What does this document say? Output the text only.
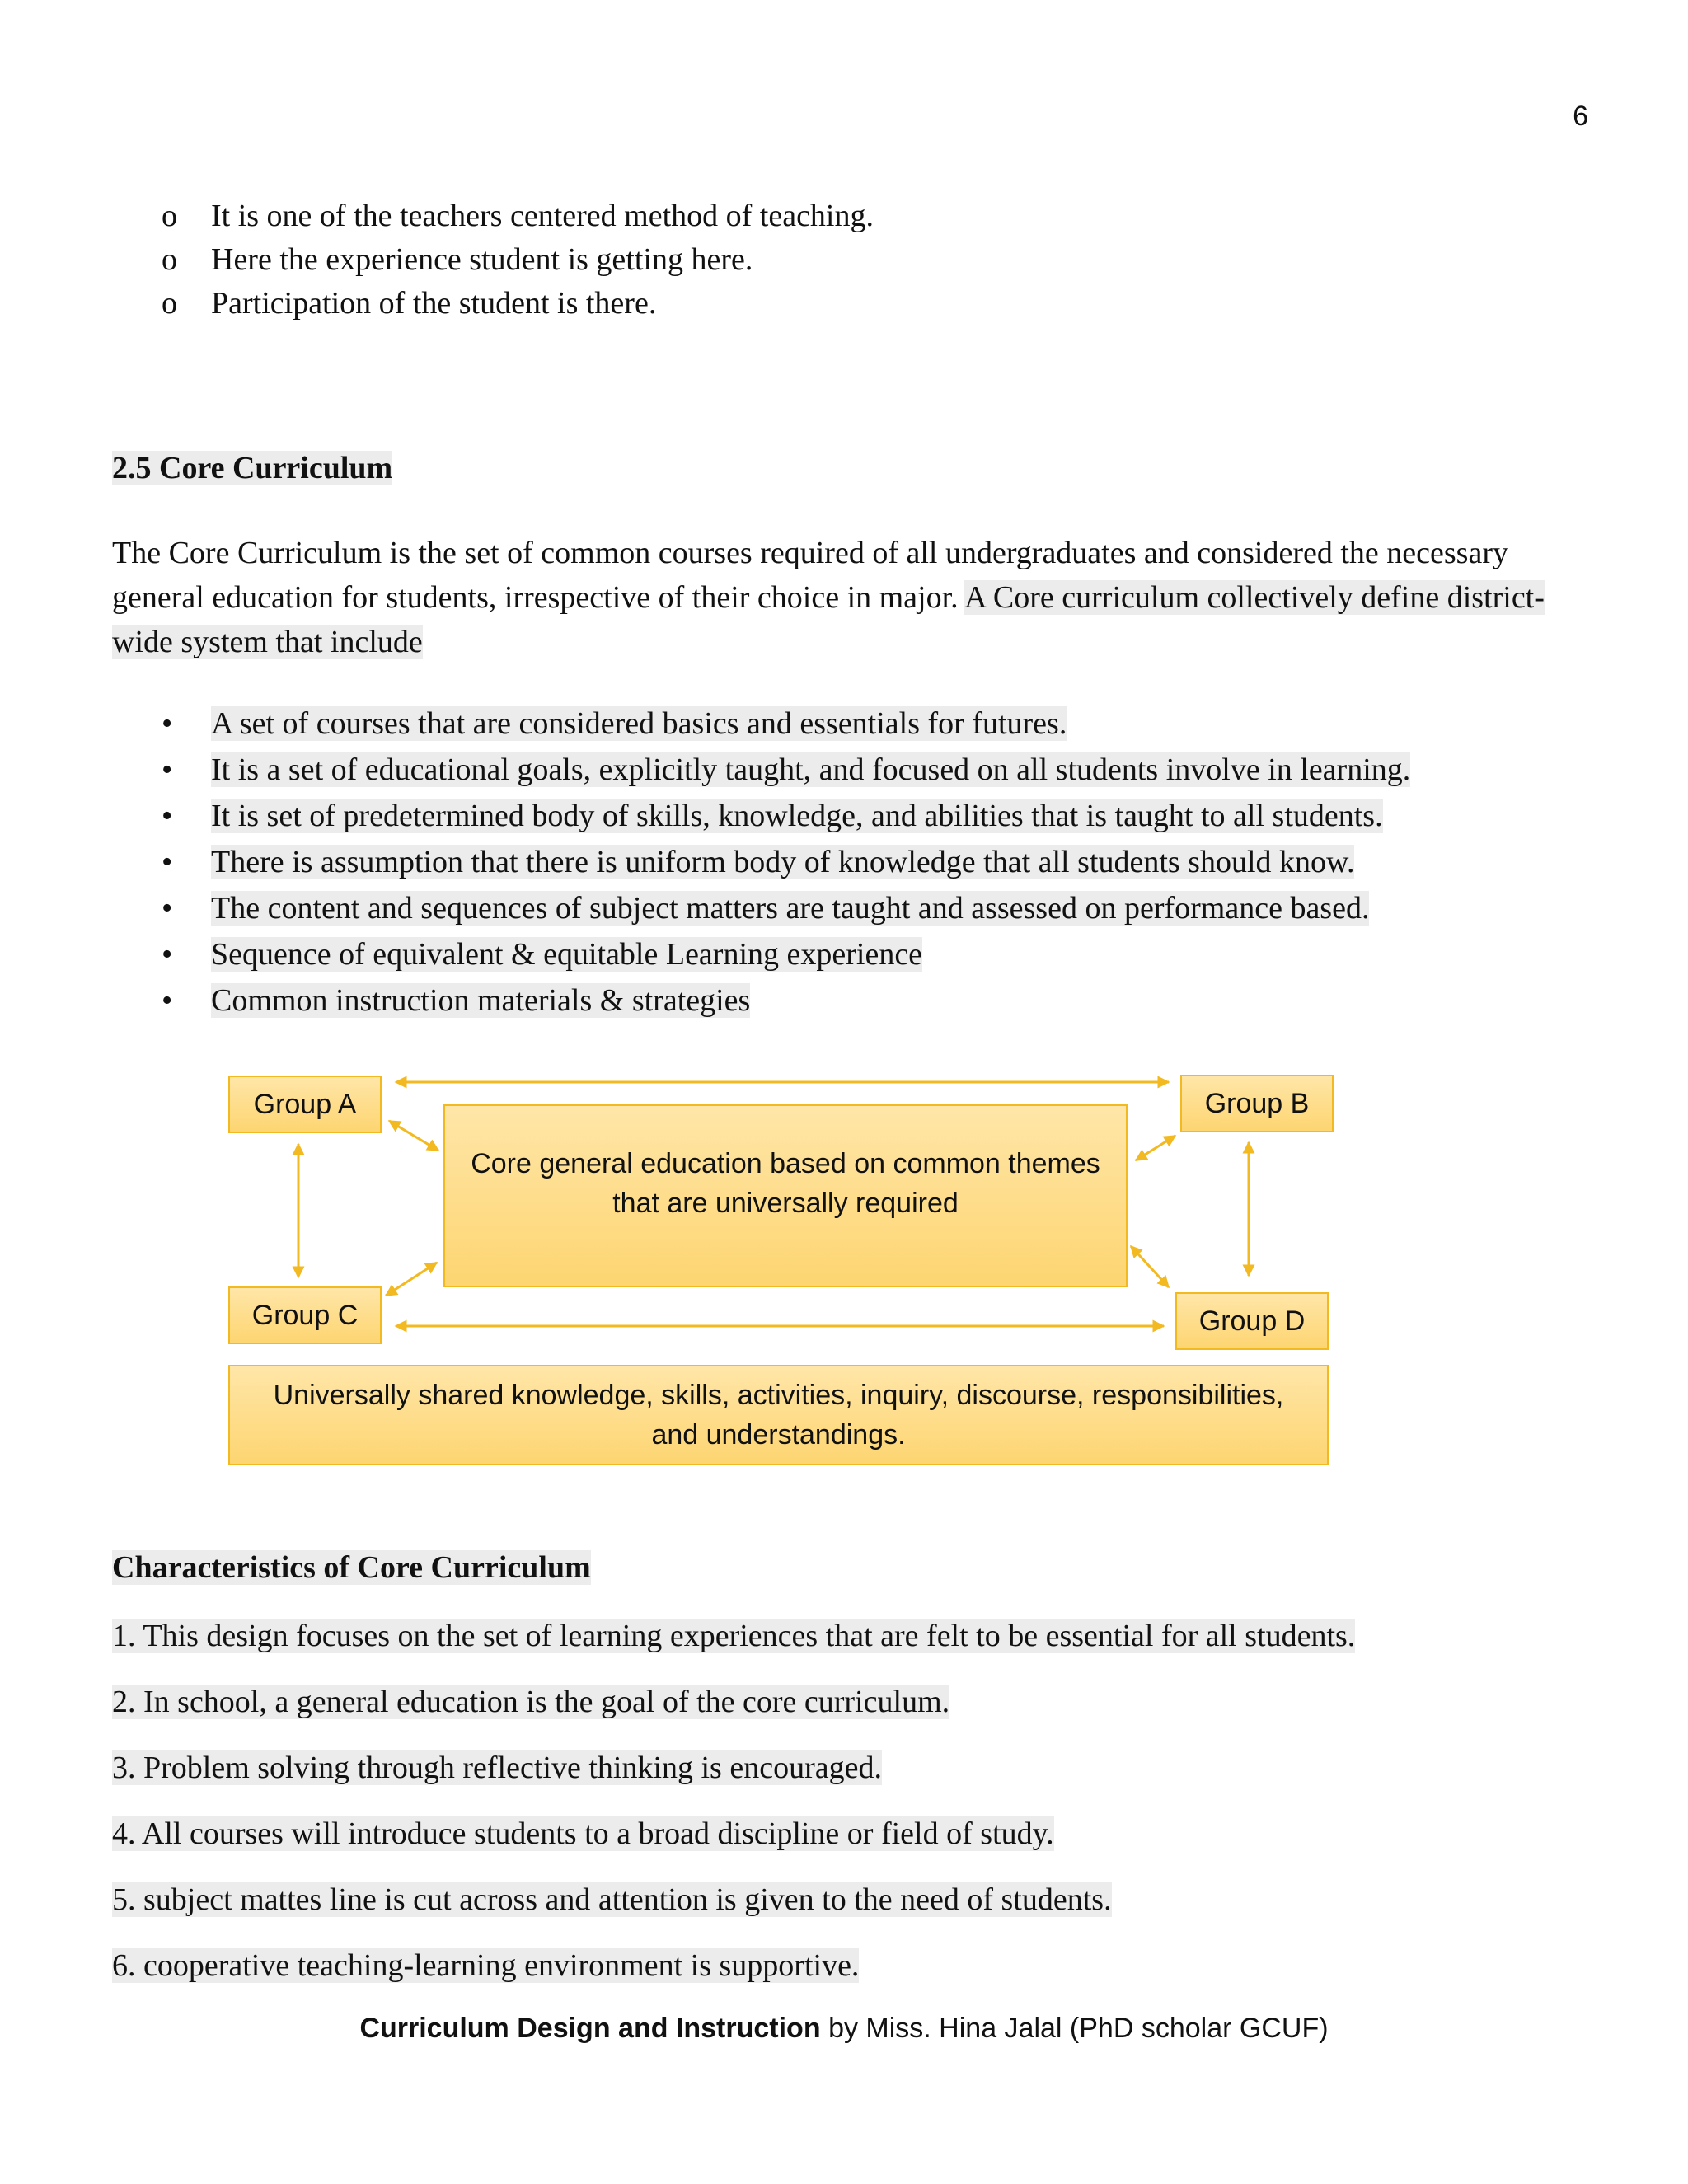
6
o It is one of the teachers centered method of teaching.
o Here the experience student is getting here.
o Participation of the student is there.
2.5 Core Curriculum
The Core Curriculum is the set of common courses required of all undergraduates and considered the necessary general education for students, irrespective of their choice in major. A Core curriculum collectively define district-wide system that include
• A set of courses that are considered basics and essentials for futures.
• It is a set of educational goals, explicitly taught, and focused on all students involve in learning.
• It is set of predetermined body of skills, knowledge, and abilities that is taught to all students.
• There is assumption that there is uniform body of knowledge that all students should know.
• The content and sequences of subject matters are taught and assessed on performance based.
• Sequence of equivalent & equitable Learning experience
• Common instruction materials & strategies
Group A	Group B
Group C	Group D
Core general education based on common themes that are universally required
Universally shared knowledge, skills, activities, inquiry, discourse, responsibilities, and understandings.
Characteristics of Core Curriculum
1. This design focuses on the set of learning experiences that are felt to be essential for all students.
2. In school, a general education is the goal of the core curriculum.
3. Problem solving through reflective thinking is encouraged.
4. All courses will introduce students to a broad discipline or field of study.
5. subject mattes line is cut across and attention is given to the need of students.
6. cooperative teaching-learning environment is supportive.
Curriculum Design and Instruction by Miss. Hina Jalal (PhD scholar GCUF)
